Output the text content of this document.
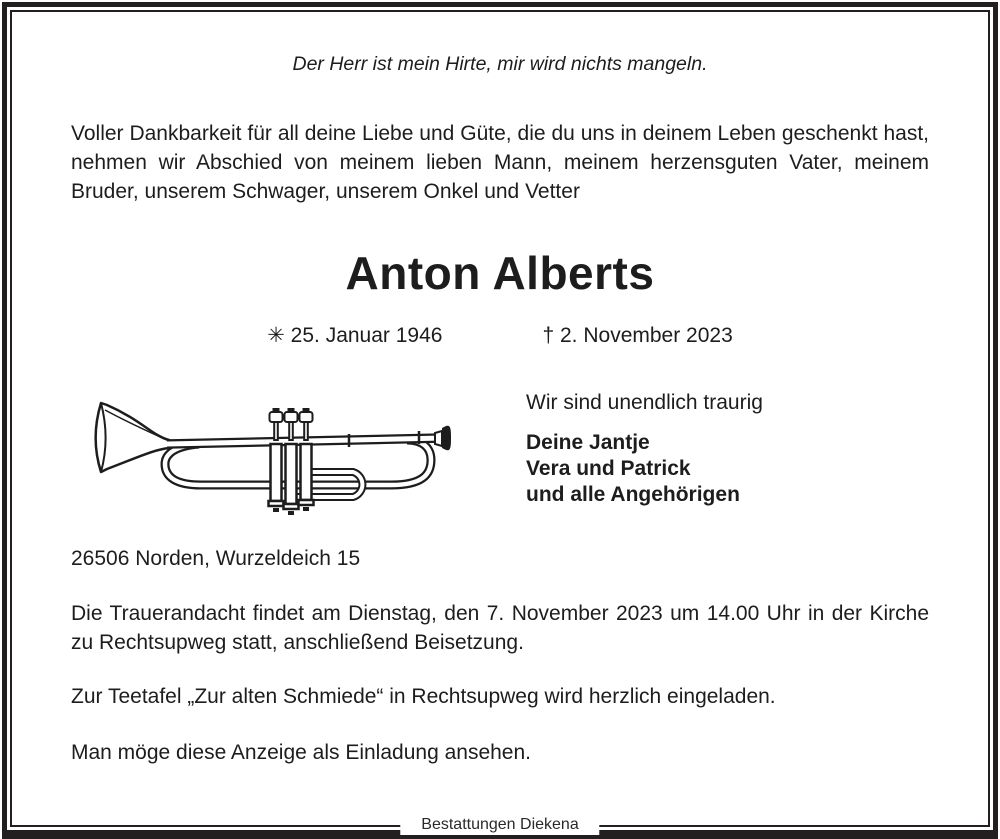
Der Herr ist mein Hirte, mir wird nichts mangeln.

Voller Dankbarkeit für all deine Liebe und Güte, die du uns in deinem Leben geschenkt hast, nehmen wir Abschied von meinem lieben Mann, meinem herzensguten Vater, meinem Bruder, unserem Schwager, unserem Onkel und Vetter

Anton Alberts
✳ 25. Januar 1946	† 2. November 2023
Wir sind unendlich traurig
Deine Jantje
Vera und Patrick
und alle Angehörigen
26506 Norden, Wurzeldeich 15

Die Trauerandacht findet am Dienstag, den 7. November 2023 um 14.00 Uhr in der Kirche zu Rechtsupweg statt, anschließend Beisetzung.

Zur Teetafel „Zur alten Schmiede“ in Rechtsupweg wird herzlich eingeladen.

Man möge diese Anzeige als Einladung ansehen.

Bestattungen Diekena
